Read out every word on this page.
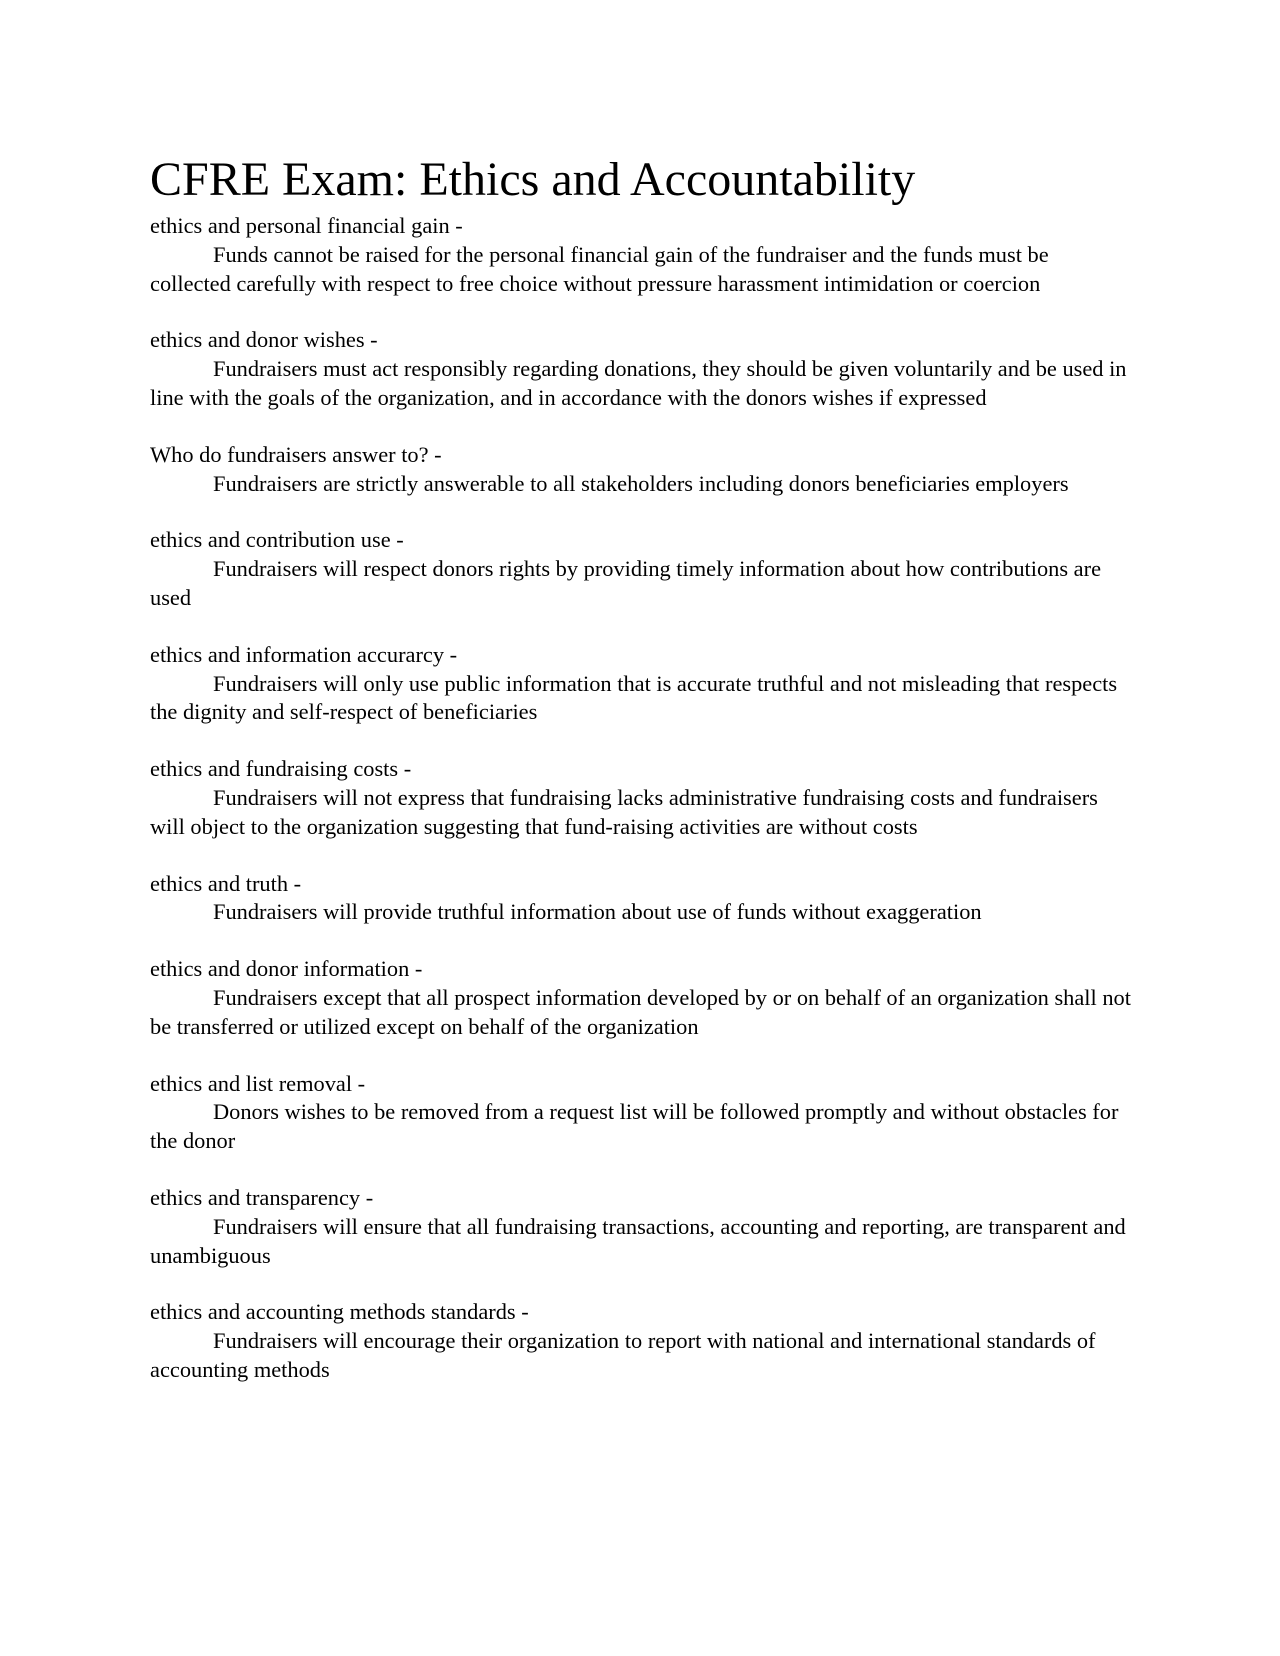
CFRE Exam: Ethics and Accountability
ethics and personal financial gain -

Funds cannot be raised for the personal financial gain of the fundraiser and the funds must be collected carefully with respect to free choice without pressure harassment intimidation or coercion

ethics and donor wishes -

Fundraisers must act responsibly regarding donations, they should be given voluntarily and be used in line with the goals of the organization, and in accordance with the donors wishes if expressed

Who do fundraisers answer to? -

Fundraisers are strictly answerable to all stakeholders including donors beneficiaries employers

ethics and contribution use -

Fundraisers will respect donors rights by providing timely information about how contributions are used

ethics and information accurarcy -

Fundraisers will only use public information that is accurate truthful and not misleading that respects the dignity and self-respect of beneficiaries

ethics and fundraising costs -

Fundraisers will not express that fundraising lacks administrative fundraising costs and fundraisers will object to the organization suggesting that fund-raising activities are without costs

ethics and truth -

Fundraisers will provide truthful information about use of funds without exaggeration

ethics and donor information -

Fundraisers except that all prospect information developed by or on behalf of an organization shall not be transferred or utilized except on behalf of the organization

ethics and list removal -

Donors wishes to be removed from a request list will be followed promptly and without obstacles for the donor

ethics and transparency -

Fundraisers will ensure that all fundraising transactions, accounting and reporting, are transparent and unambiguous

ethics and accounting methods standards -

Fundraisers will encourage their organization to report with national and international standards of accounting methods
